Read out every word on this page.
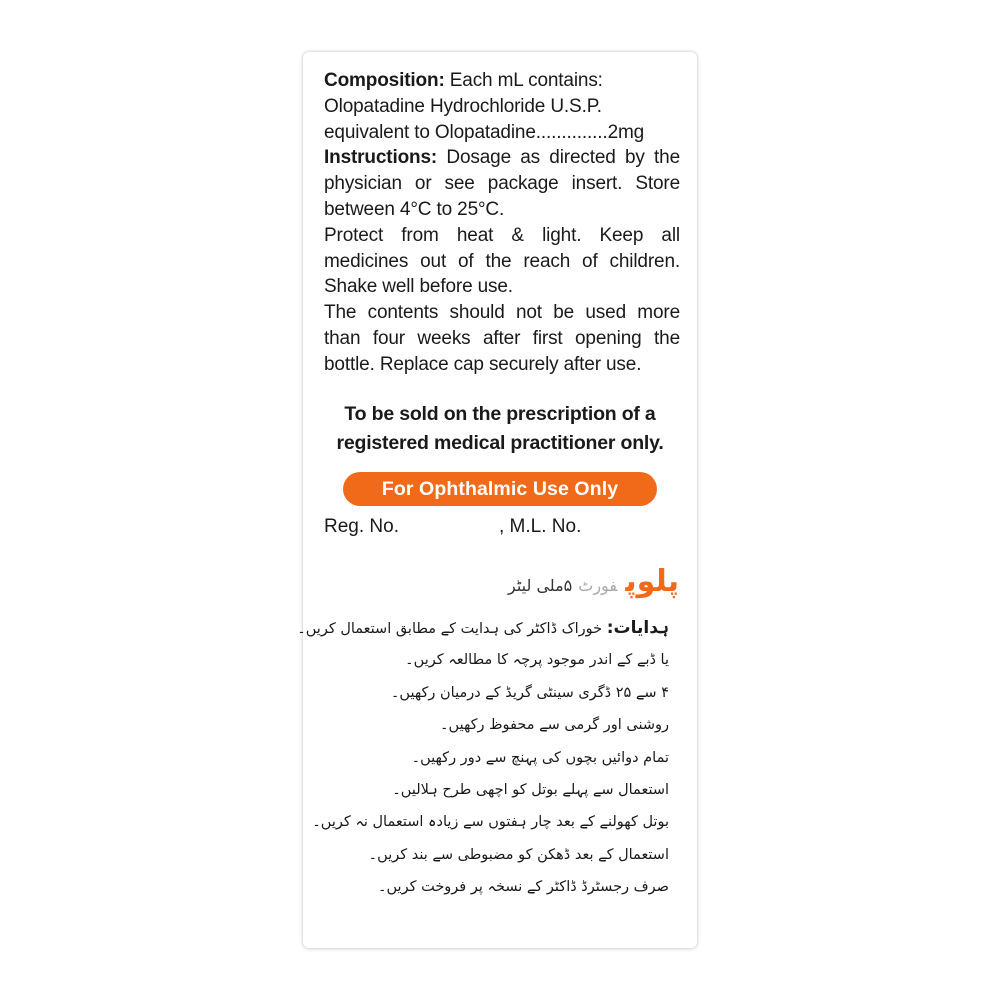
Composition: Each mL contains:

Olopatadine Hydrochloride U.S.P.

equivalent to Olopatadine .............. 2mg

Instructions: Dosage as directed by the physician or see package insert. Store between 4°C to 25°C.

Protect from heat & light. Keep all medicines out of the reach of children. Shake well before use.

The contents should not be used more than four weeks after first opening the bottle. Replace cap securely after use.

To be sold on the prescription of a
registered medical practitioner only.
For Ophthalmic Use Only
Reg. No.	, M.L. No.
پلوپفورٹ۵ملی لیٹر
ہدایات: خوراک ڈاکٹر کی ہدایت کے مطابق استعمال کریں۔
یا ڈبے کے اندر موجود پرچہ کا مطالعہ کریں۔
۴ سے ۲۵ ڈگری سینٹی گریڈ کے درمیان رکھیں۔
روشنی اور گرمی سے محفوظ رکھیں۔
تمام دوائیں بچوں کی پہنچ سے دور رکھیں۔
استعمال سے پہلے بوتل کو اچھی طرح ہلالیں۔
بوتل کھولنے کے بعد چار ہفتوں سے زیادہ استعمال نہ کریں۔
استعمال کے بعد ڈھکن کو مضبوطی سے بند کریں۔
صرف رجسٹرڈ ڈاکٹر کے نسخہ پر فروخت کریں۔
